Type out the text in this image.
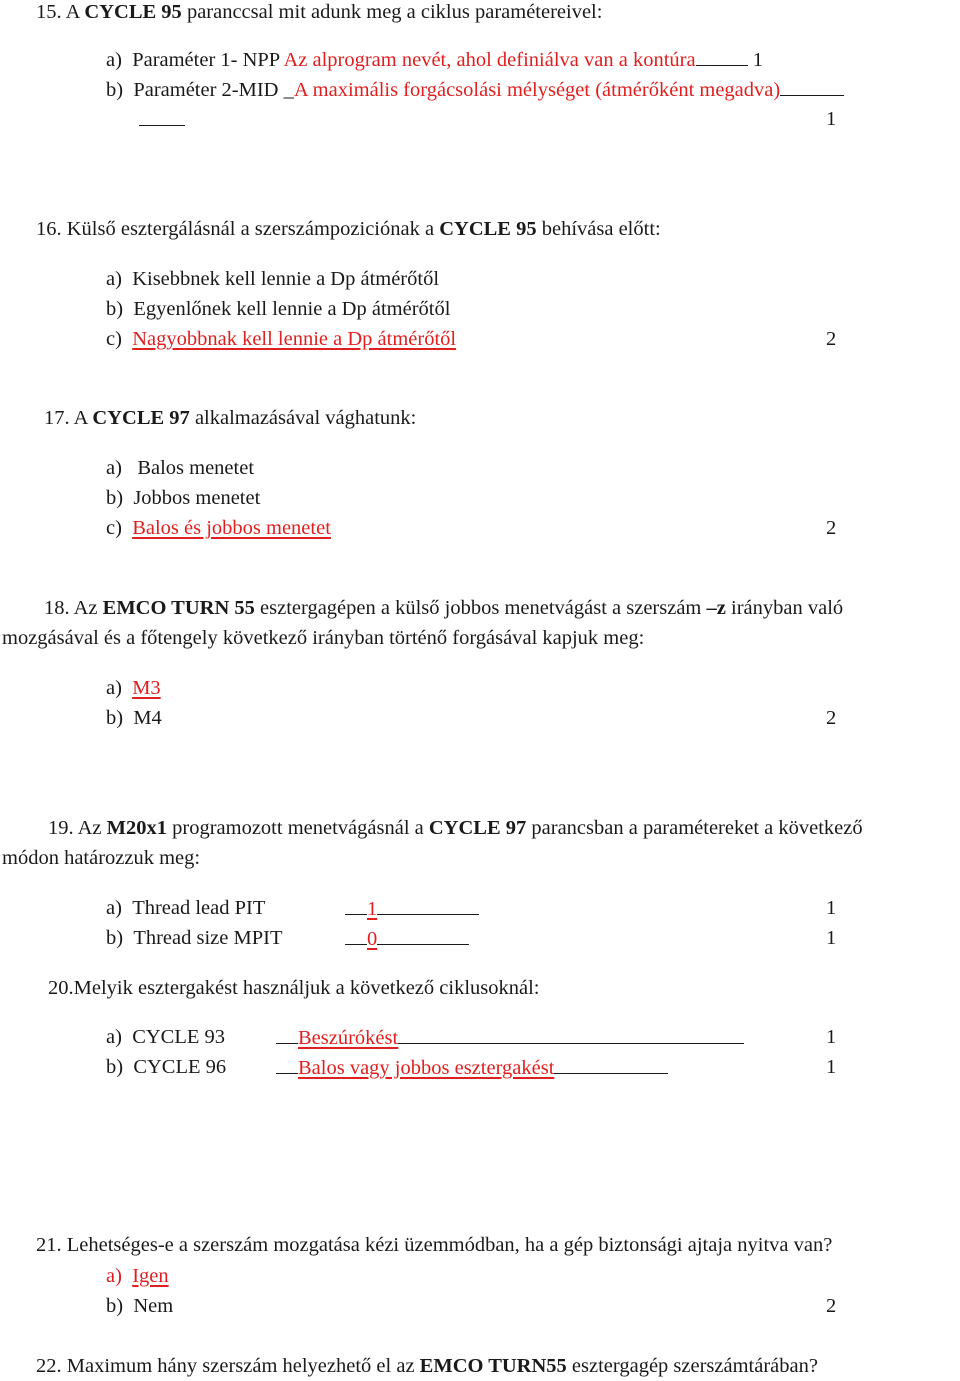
15. A CYCLE 95 paranccsal mit adunk meg a ciklus paramétereivel:
a) Paraméter 1- NPP Az alprogram nevét, ahol definiálva van a kontúra	1
b) Paraméter 2-MID _A maximális forgácsolási mélységet (átmérőként megadva)
1
16. Külső esztergálásnál a szerszámpoziciónak a CYCLE 95 behívása előtt:
a) Kisebbnek kell lennie a Dp átmérőtől
b) Egyenlőnek kell lennie a Dp átmérőtől
c) Nagyobbnak kell lennie a Dp átmérőtől	2
17. A CYCLE 97 alkalmazásával vághatunk:
a) Balos menetet
b) Jobbos menetet
c) Balos és jobbos menetet	2
18. Az EMCO TURN 55 esztergagépen a külső jobbos menetvágást a szerszám –z irányban való
mozgásával és a főtengely következő irányban történő forgásával kapjuk meg:
a) M3
b) M4	2
19. Az M20x1 programozott menetvágásnál a CYCLE 97 parancsban a paramétereket a következő
módon határozzuk meg:
a) Thread lead PIT	1	1
b) Thread size MPIT	0	1
20.Melyik esztergakést használjuk a következő ciklusoknál:
a) CYCLE 93	Beszúrókést	1
b) CYCLE 96	Balos vagy jobbos esztergakést	1
21. Lehetséges-e a szerszám mozgatása kézi üzemmódban, ha a gép biztonsági ajtaja nyitva van?
a) Igen
b) Nem	2
22. Maximum hány szerszám helyezhető el az EMCO TURN55 esztergagép szerszámtárában?
